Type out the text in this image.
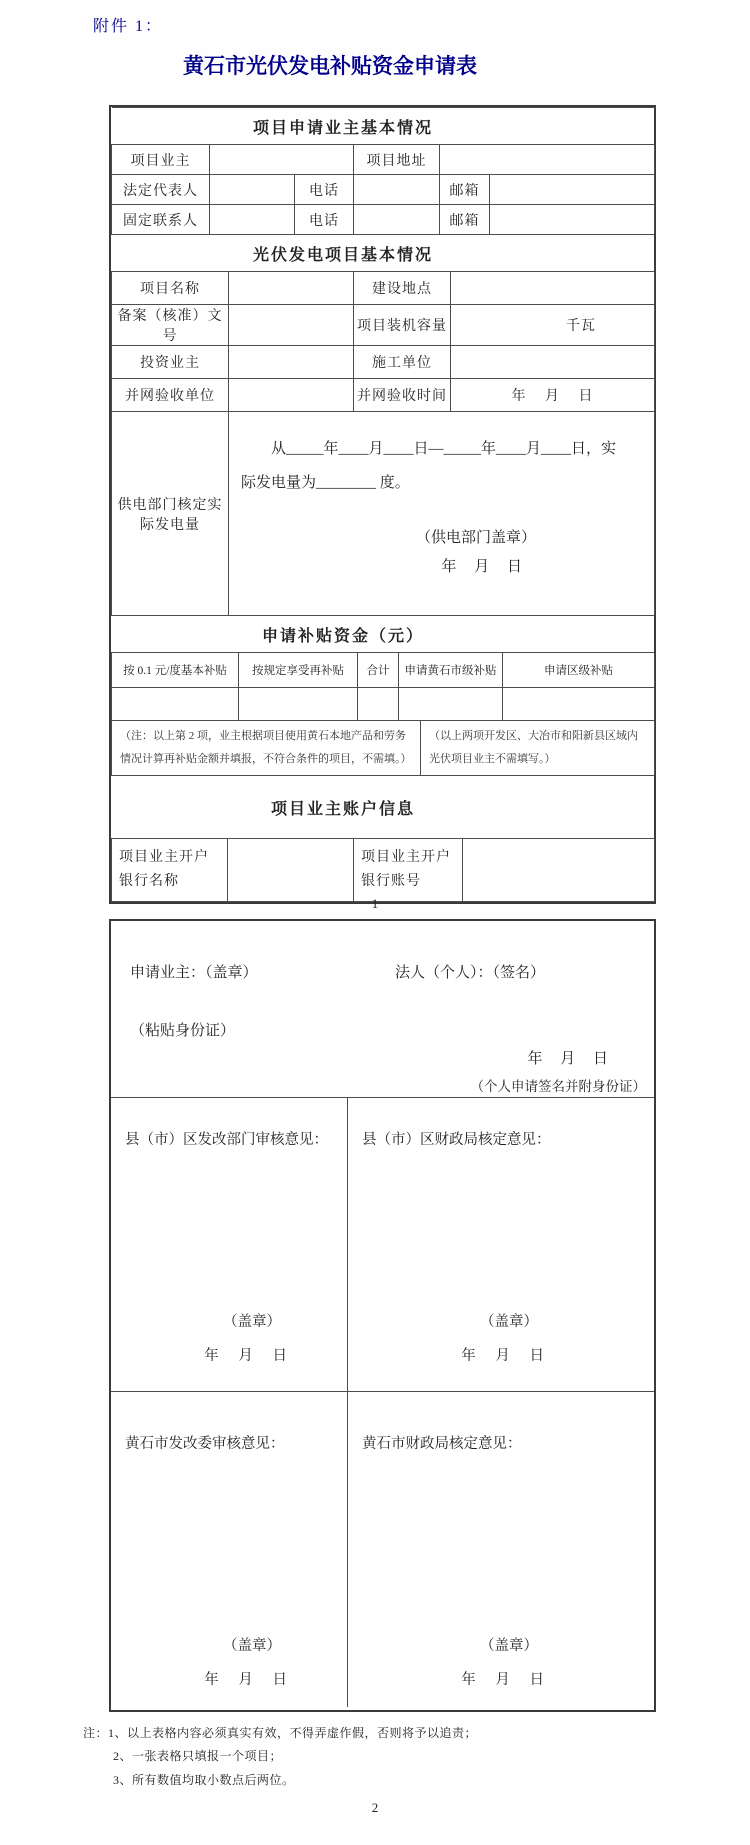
附件 1：
黄石市光伏发电补贴资金申请表
项目申请业主基本情况					
项目业主			项目地址		
法定代表人		电话		邮箱	
固定联系人		电话		邮箱	
光伏发电项目基本情况			
项目名称		建设地点	
备案（核准）文号		项目装机容量	千瓦
投资业主		施工单位	
并网验收单位		并网验收时间	年 月 日
供电部门核定实际发电量	从_____年____月____日—_____年____月____日，实
际发电量为________ 度。
（供电部门盖章）
年 月 日		
申请补贴资金（元）				
按 0.1 元/度基本补贴	按规定享受再补贴	合计	申请黄石市级补贴	申请区级补贴

（注：以上第 2 项，业主根据项目使用黄石本地产品和劳务情况计算再补贴金额并填报，不符合条件的项目，不需填。）	（以上两项开发区、大冶市和阳新县区域内光伏项目业主不需填写。）
项目业主账户信息
项目业主开户银行名称		项目业主开户银行账号	
1
申请业主：（盖章）	法人（个人）：（签名）
（粘贴身份证）
年 月 日
（个人申请签名并附身份证）
县（市）区发改部门审核意见：
（盖章）
年 月 日
县（市）区财政局核定意见：
（盖章）
年 月 日
黄石市发改委审核意见：
（盖章）
年 月 日
黄石市财政局核定意见：
（盖章）
年 月 日
注：1、以上表格内容必须真实有效，不得弄虚作假，否则将予以追责；
2、一张表格只填报一个项目；
3、所有数值均取小数点后两位。
2
